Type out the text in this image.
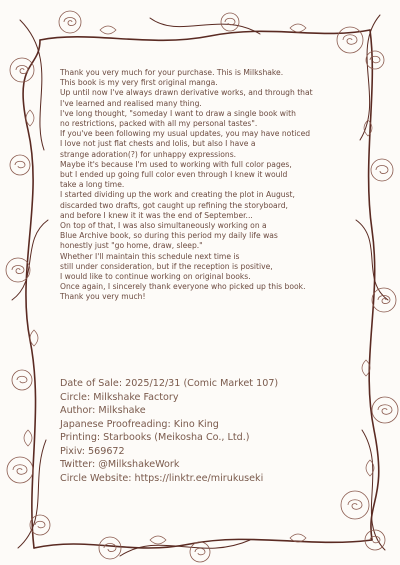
Thank you very much for your purchase. This is Milkshake.

This book is my very first original manga.

Up until now I've always drawn derivative works, and through that

I've learned and realised many thing.

I've long thought, "someday I want to draw a single book with

no restrictions, packed with all my personal tastes".

If you've been following my usual updates, you may have noticed

I love not just flat chests and lolis, but also I have a

strange adoration(?) for unhappy expressions.

Maybe it's because I'm used to working with full color pages,

but I ended up going full color even through I knew it would

take a long time.

I started dividing up the work and creating the plot in August,

discarded two drafts, got caught up refining the storyboard,

and before I knew it it was the end of September...

On top of that, I was also simultaneously working on a

Blue Archive book, so during this period my daily life was

honestly just "go home, draw, sleep."

Whether I'll maintain this schedule next time is

still under consideration, but if the reception is positive,

I would like to continue working on original books.

Once again, I sincerely thank everyone who picked up this book.

Thank you very much!

Date of Sale: 2025/12/31 (Comic Market 107)
Circle: Milkshake Factory
Author: Milkshake
Japanese Proofreading: Kino King
Printing: Starbooks (Meikosha Co., Ltd.)
Pixiv: 569672
Twitter: @MilkshakeWork
Circle Website: https://linktr.ee/mirukuseki
